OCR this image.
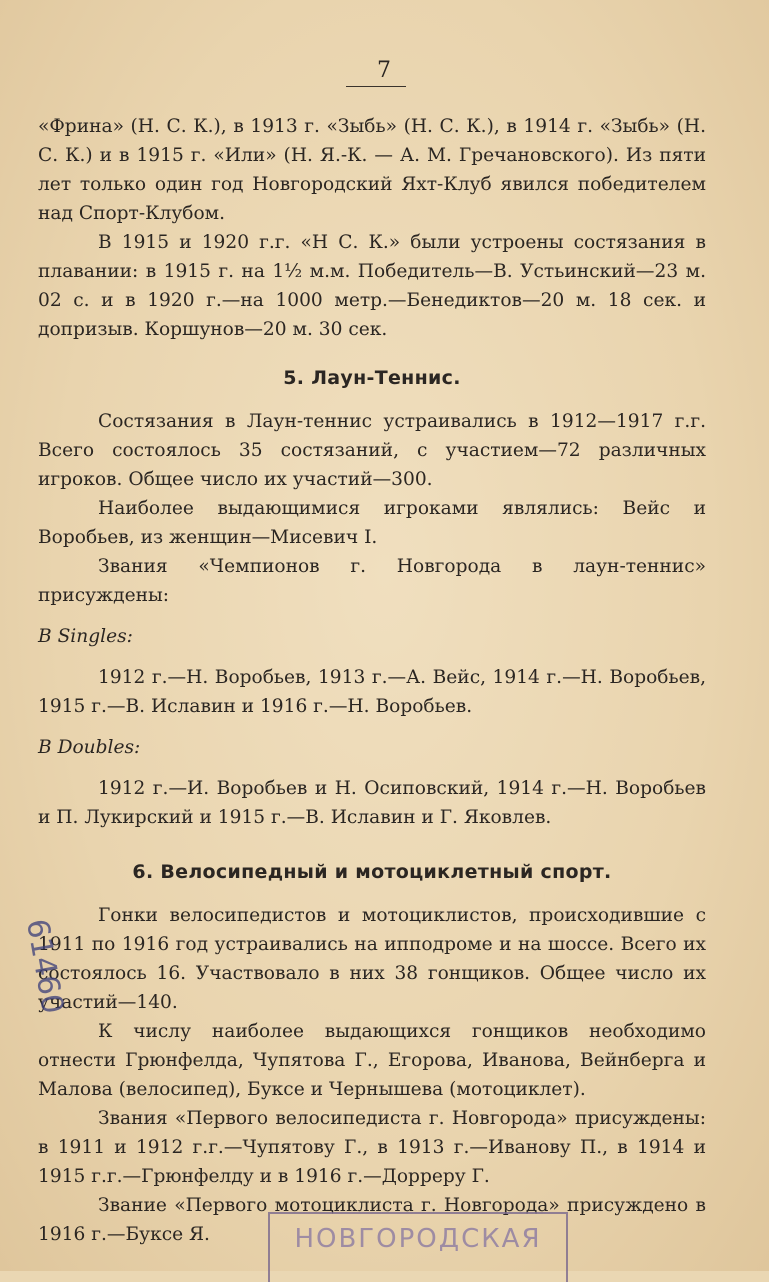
7

«Фрина» (Н. С. К.), в 1913 г. «Зыбь» (Н. С. К.), в 1914 г. «Зыбь» (Н. С. К.) и в 1915 г. «Или» (Н. Я.-К. — А. М. Гречановского). Из пяти лет только один год Новгородский Яхт-Клуб явился победителем над Спорт-Клубом.

В 1915 и 1920 г.г. «Н С. К.» были устроены состязания в плавании: в 1915 г. на 1½ м.м. Победитель—В. Устьинский—23 м. 02 с. и в 1920 г.—на 1000 метр.—Бенедиктов—20 м. 18 сек. и допризыв. Коршунов—20 м. 30 сек.

5. Лаун-Теннис.

Состязания в Лаун-теннис устраивались в 1912—1917 г.г. Всего состоялось 35 состязаний, с участием—72 различных игроков. Общее число их участий—300.

Наиболее выдающимися игроками являлись: Вейс и Воробьев, из женщин—Мисевич I.

Звания «Чемпионов г. Новгорода в лаун-теннис» присуждены:

В Singles:

1912 г.—Н. Воробьев, 1913 г.—А. Вейс, 1914 г.—Н. Воробьев, 1915 г.—В. Иславин и 1916 г.—Н. Воробьев.

В Doubles:

1912 г.—И. Воробьев и Н. Осиповский, 1914 г.—Н. Воробьев и П. Лукирский и 1915 г.—В. Иславин и Г. Яковлев.

6. Велосипедный и мотоциклетный спорт.

Гонки велосипедистов и мотоциклистов, происходившие с 1911 по 1916 год устраивались на ипподроме и на шоссе. Всего их состоялось 16. Участвовало в них 38 гонщиков. Общее число их участий—140.

К числу наиболее выдающихся гонщиков необходимо отнести Грюнфелда, Чупятова Г., Егорова, Иванова, Вейнберга и Малова (велосипед), Буксе и Чернышева (мотоциклет).

Звания «Первого велосипедиста г. Новгорода» присуждены: в 1911 и 1912 г.г.—Чупятову Г., в 1913 г.—Иванову П., в 1914 и 1915 г.г.—Грюнфелду и в 1916 г.—Дорреру Г.

Звание «Первого мотоциклиста г. Новгорода» присуждено в 1916 г.—Буксе Я.	НОВГОРОДСКАЯ
61460
